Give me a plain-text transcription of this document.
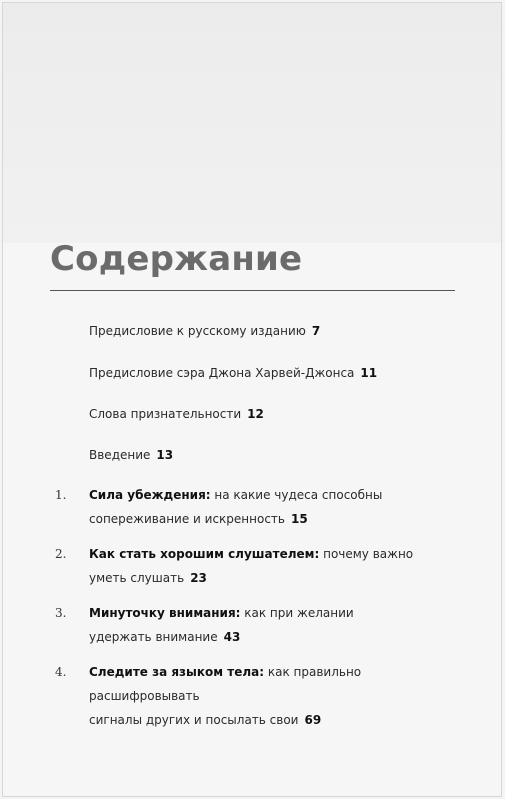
Содержание
Предисловие к русскому изданию 7
Предисловие сэра Джона Харвей-Джонса 11
Слова признательности 12
Введение 13
1. Сила убеждения: на какие чудеса способны
сопереживание и искренность 15
2. Как стать хорошим слушателем: почему важно
уметь слушать 23
3. Минуточку внимания: как при желании
удержать внимание 43
4. Следите за языком тела: как правильно расшифровывать
сигналы других и посылать свои 69
